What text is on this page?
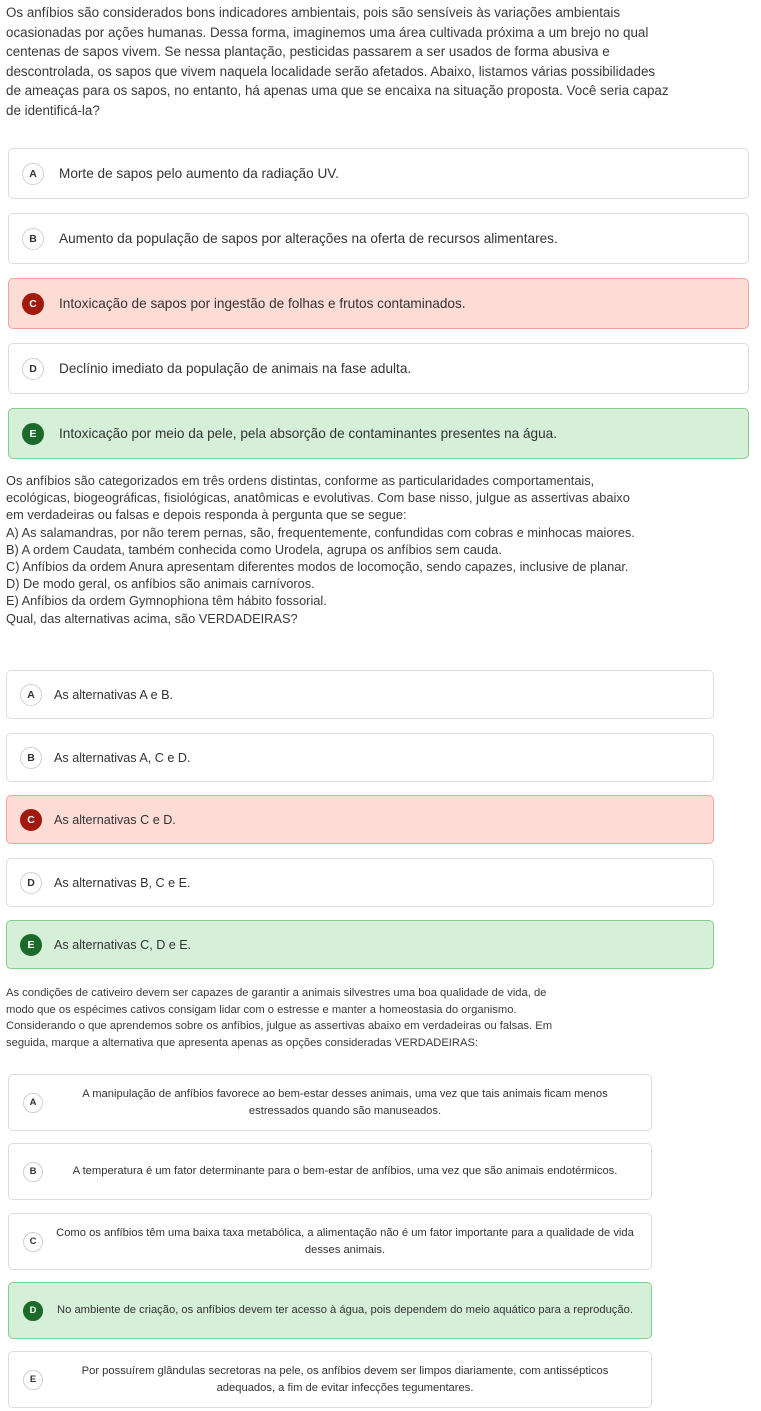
Os anfíbios são considerados bons indicadores ambientais, pois são sensíveis às variações ambientais
ocasionadas por ações humanas. Dessa forma, imaginemos uma área cultivada próxima a um brejo no qual
centenas de sapos vivem. Se nessa plantação, pesticidas passarem a ser usados de forma abusiva e
descontrolada, os sapos que vivem naquela localidade serão afetados. Abaixo, listamos várias possibilidades
de ameaças para os sapos, no entanto, há apenas uma que se encaixa na situação proposta. Você seria capaz
de identificá-la?
A	Morte de sapos pelo aumento da radiação UV.
B	Aumento da população de sapos por alterações na oferta de recursos alimentares.
C	Intoxicação de sapos por ingestão de folhas e frutos contaminados.
D	Declínio imediato da população de animais na fase adulta.
E	Intoxicação por meio da pele, pela absorção de contaminantes presentes na água.
Os anfíbios são categorizados em três ordens distintas, conforme as particularidades comportamentais,
ecológicas, biogeográficas, fisiológicas, anatômicas e evolutivas. Com base nisso, julgue as assertivas abaixo
em verdadeiras ou falsas e depois responda à pergunta que se segue:
A) As salamandras, por não terem pernas, são, frequentemente, confundidas com cobras e minhocas maiores.
B) A ordem Caudata, também conhecida como Urodela, agrupa os anfíbios sem cauda.
C) Anfíbios da ordem Anura apresentam diferentes modos de locomoção, sendo capazes, inclusive de planar.
D) De modo geral, os anfíbios são animais carnívoros.
E) Anfíbios da ordem Gymnophiona têm hábito fossorial.
Qual, das alternativas acima, são VERDADEIRAS?
A	As alternativas A e B.
B	As alternativas A, C e D.
C	As alternativas C e D.
D	As alternativas B, C e E.
E	As alternativas C, D e E.
As condições de cativeiro devem ser capazes de garantir a animais silvestres uma boa qualidade de vida, de
modo que os espécimes cativos consigam lidar com o estresse e manter a homeostasia do organismo.
Considerando o que aprendemos sobre os anfíbios, julgue as assertivas abaixo em verdadeiras ou falsas. Em
seguida, marque a alternativa que apresenta apenas as opções consideradas VERDADEIRAS:
A
A manipulação de anfíbios favorece ao bem-estar desses animais, uma vez que tais animais ficam menos estressados quando são manuseados.
B	A temperatura é um fator determinante para o bem-estar de anfíbios, uma vez que são animais endotérmicos.
C
Como os anfíbios têm uma baixa taxa metabólica, a alimentação não é um fator importante para a qualidade de vida desses animais.
D	No ambiente de criação, os anfíbios devem ter acesso à água, pois dependem do meio aquático para a reprodução.
E
Por possuírem glândulas secretoras na pele, os anfíbios devem ser limpos diariamente, com antissépticos adequados, a fim de evitar infecções tegumentares.
